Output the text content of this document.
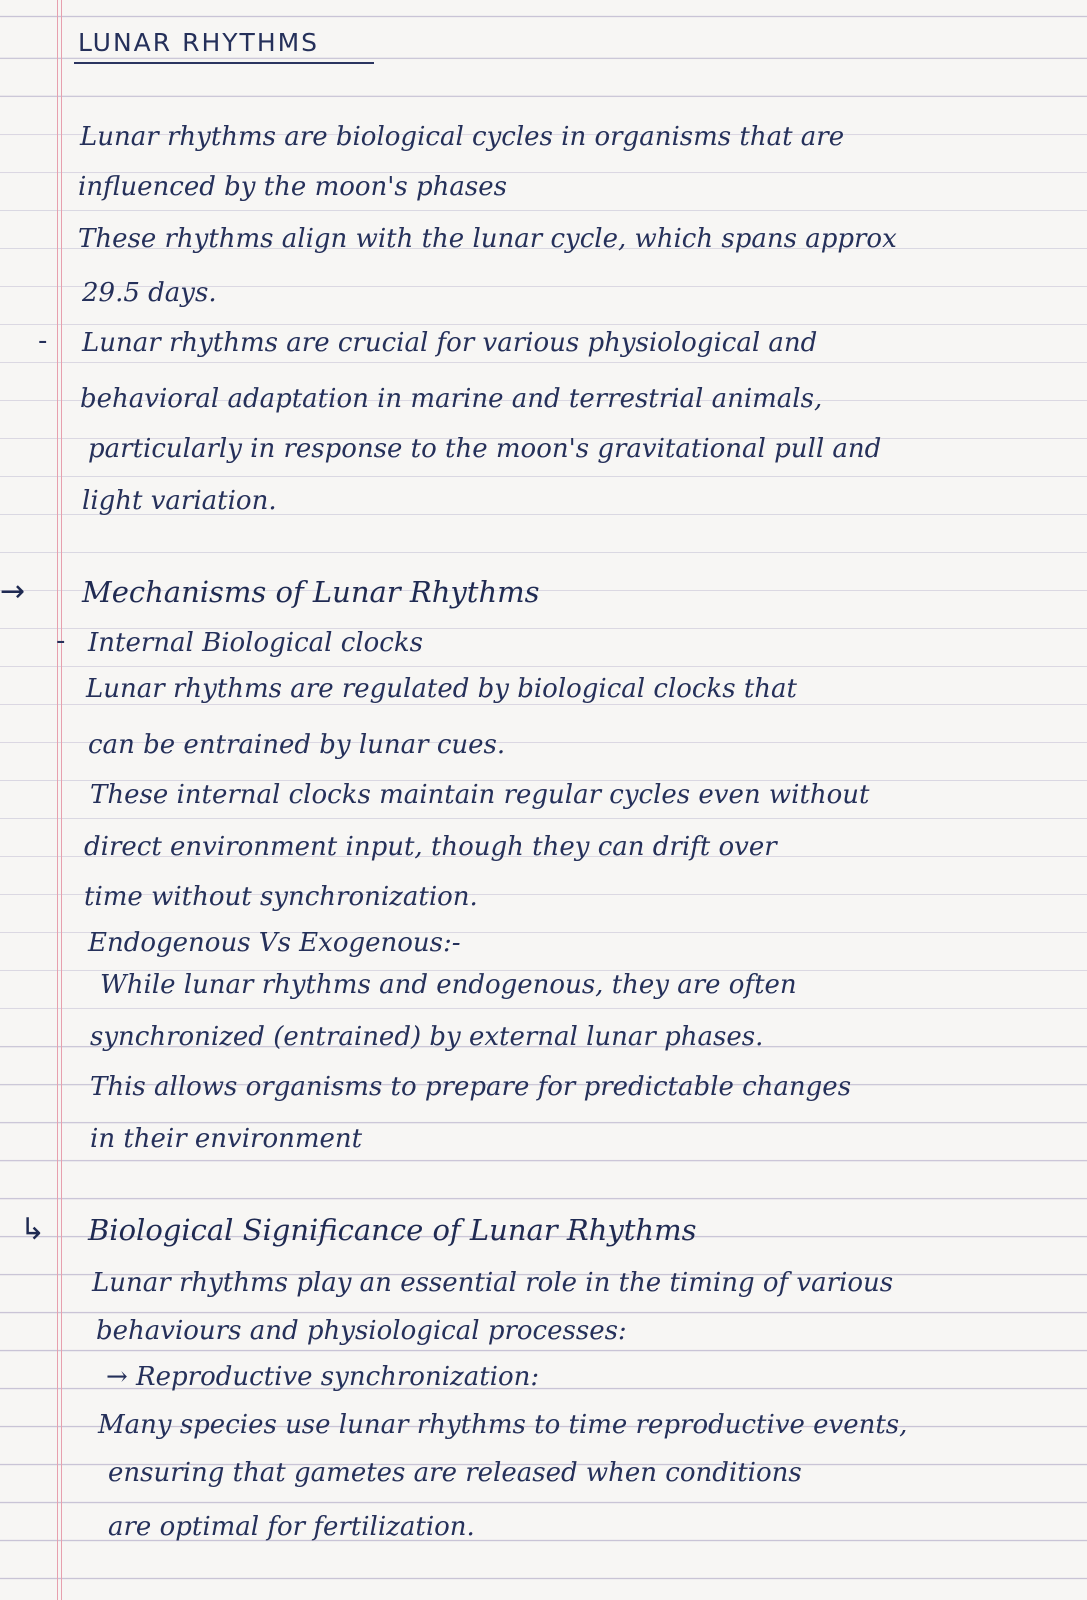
LUNAR RHYTHMS
Lunar rhythms are biological cycles in organisms that are
influenced by the moon's phases
These rhythms align with the lunar cycle, which spans approx
29.5 days.
- Lunar rhythms are crucial for various physiological and
behavioral adaptation in marine and terrestrial animals,
particularly in response to the moon's gravitational pull and
light variation.
→ Mechanisms of Lunar Rhythms
- Internal Biological clocks
Lunar rhythms are regulated by biological clocks that
can be entrained by lunar cues.
These internal clocks maintain regular cycles even without
direct environment input, though they can drift over
time without synchronization.
Endogenous Vs Exogenous:-
While lunar rhythms and endogenous, they are often
synchronized (entrained) by external lunar phases.
This allows organisms to prepare for predictable changes
in their environment
↳ Biological Significance of Lunar Rhythms
Lunar rhythms play an essential role in the timing of various
behaviours and physiological processes:
→ Reproductive synchronization:
Many species use lunar rhythms to time reproductive events,
ensuring that gametes are released when conditions
are optimal for fertilization.
